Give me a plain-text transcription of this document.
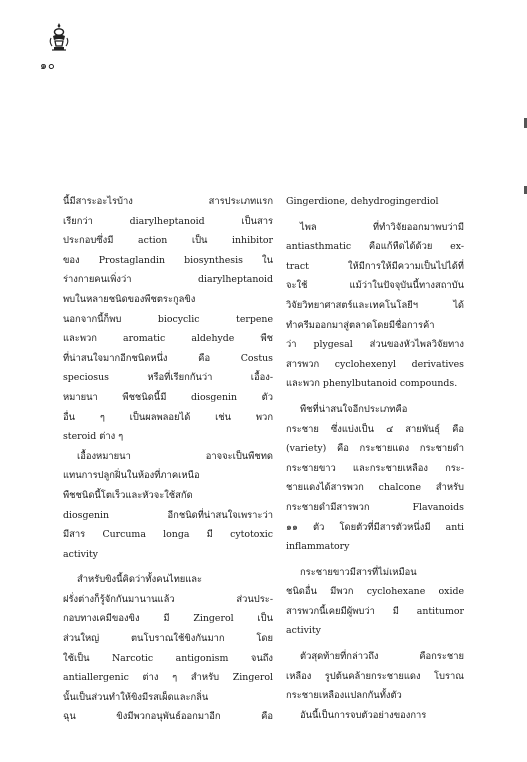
๑๐
นี้มีสาระอะไรบ้าง สารประเภทแรก
เรียกว่า diarylheptanoid เป็นสาร
ประกอบซึ่งมี action เป็น inhibitor
ของ Prostaglandin biosynthesis ใน
ร่างกายคนเพิ่งว่า diarylheptanoid
พบในหลายชนิดของพืชตระกูลขิง
นอกจากนี้ก็พบ biocyclic terpene
และพวก aromatic aldehyde พืช
ที่น่าสนใจมากอีกชนิดหนึ่ง คือ Costus
speciosus หรือที่เรียกกันว่า เอื้อง-
หมายนา พืชชนิดนี้มี diosgenin ตัว
อื่น ๆ เป็นผลพลอยได้ เช่น พวก
steroid ต่าง ๆ
เอื้องหมายนา อาจจะเป็นพืชทด
แทนการปลูกฝิ่นในห้องที่ภาคเหนือ
พืชชนิดนี้โตเร็วและหัวจะใช้สกัด
diosgenin อีกชนิดที่น่าสนใจเพราะว่า
มีสาร Curcuma longa มี cytotoxic
activity
สำหรับขิงนี้คิดว่าทั้งคนไทยและ
ฝรั่งต่างก็รู้จักกันมานานแล้ว ส่วนประ-
กอบทางเคมีของขิง มี Zingerol เป็น
ส่วนใหญ่ ตนโบราณใช้ขิงกันมาก โดย
ใช้เป็น Narcotic antigonism จนถึง
antiallergenic ต่าง ๆ สำหรับ Zingerol
นั้นเป็นส่วนทำให้ขิงมีรสเผ็ดและกลิ่น
ฉุน ขิงมีพวกอนุพันธ์ออกมาอีก คือ
Gingerdione, dehydrogingerdiol
ไพล ที่ทำวิจัยออกมาพบว่ามี
antiasthmatic คือแก้หืดได้ด้วย ex-
tract ให้มีการให้มีความเป็นไปได้ที่
จะใช้ แม้ว่าในปัจจุบันนี้ทางสถาบัน
วิจัยวิทยาศาสตร์และเทคโนโลยีฯ ได้
ทำครีมออกมาสู่ตลาดโดยมีชื่อการค้า
ว่า plygesal ส่วนของหัวไพลวิจัยทาง
สารพวก cyclohexenyl derivatives
และพวก phenylbutanoid compounds.
พืชที่น่าสนใจอีกประเภทคือ
กระชาย ซึ่งแบ่งเป็น ๔ สายพันธุ์ คือ
(variety) คือ กระชายแดง กระชายดำ
กระชายขาว และกระชายเหลือง กระ-
ชายแดงได้สารพวก chalcone สำหรับ
กระชายดำมีสารพวก Flavanoids
๑๑ ตัว โดยตัวที่มีสารตัวหนึ่งมี anti
inflammatory
กระชายขาวมีสารที่ไม่เหมือน
ชนิดอื่น มีพวก cyclohexane oxide
สารพวกนี้เคยมีผู้พบว่า มี antitumor
activity
ตัวสุดท้ายที่กล่าวถึง คือกระชาย
เหลือง รูปต้นคล้ายกระชายแดง โบราณ
กระชายเหลืองแปลกกันทั้งตัว
อันนี้เป็นการจบตัวอย่างของการ
